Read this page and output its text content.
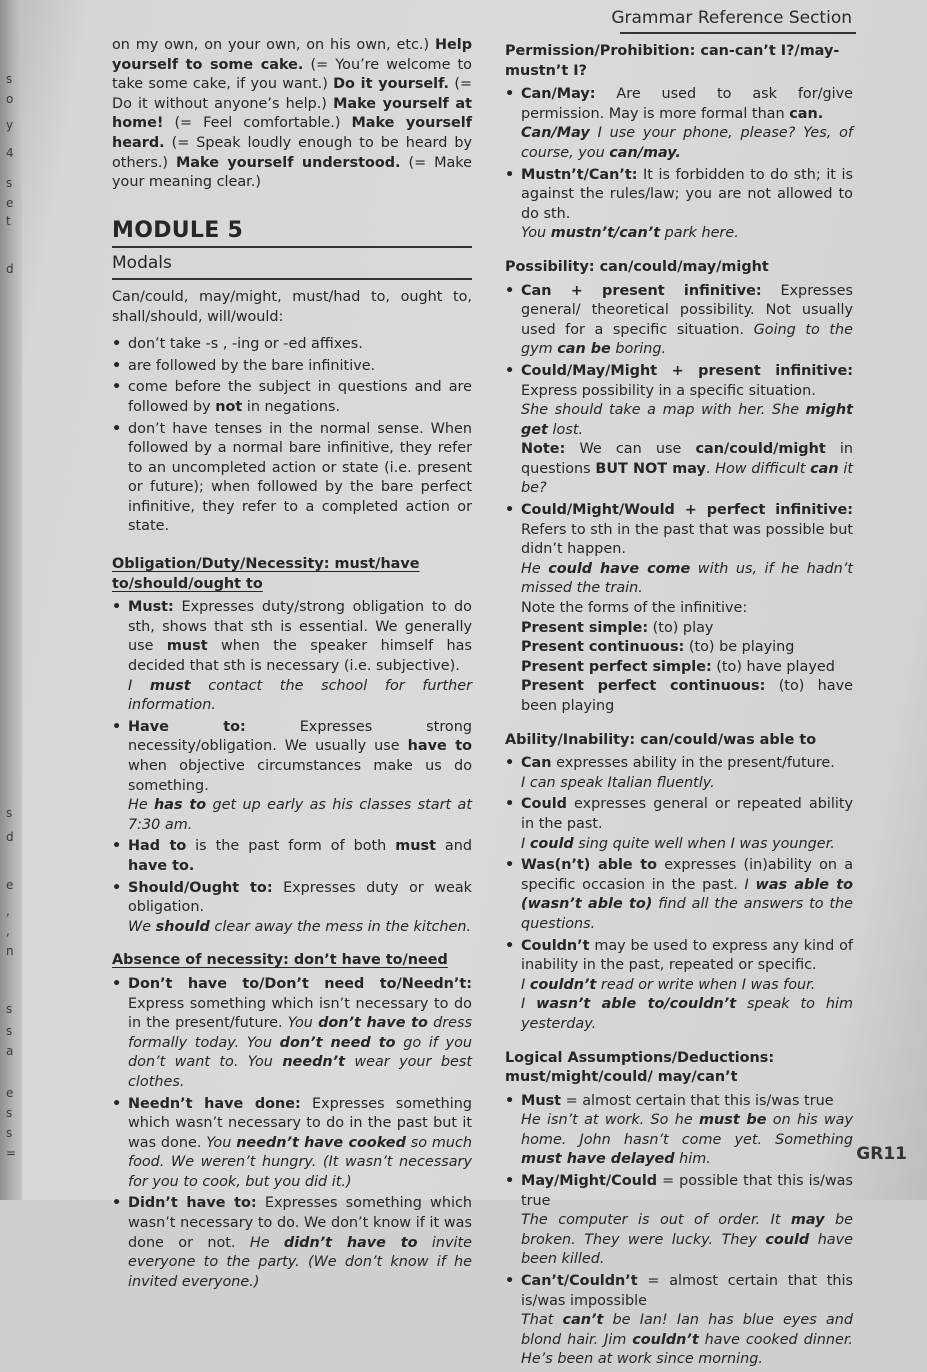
s
o
y
4
s
e
t
d
s
d
e
,
,
n
s
s
a
e
s
s
=
Grammar Reference Section

on my own, on your own, on his own, etc.) Help yourself to some cake. (= You’re welcome to take some cake, if you want.) Do it yourself. (= Do it without anyone’s help.) Make yourself at home! (= Feel comfortable.) Make yourself heard. (= Speak loudly enough to be heard by others.) Make yourself understood. (= Make your meaning clear.)

MODULE 5
Modals

Can/could, may/might, must/had to, ought to, shall/should, will/would:

• don’t take -s , -ing or -ed affixes.
• are followed by the bare infinitive.
• come before the subject in questions and are followed by not in negations.
• don’t have tenses in the normal sense. When followed by a normal bare infinitive, they refer to an uncompleted action or state (i.e. present or future); when followed by the bare perfect infinitive, they refer to a completed action or state.
Obligation/Duty/Necessity: must/have to/should/ought to
• Must: Expresses duty/strong obligation to do sth, shows that sth is essential. We generally use must when the speaker himself has decided that sth is necessary (i.e. subjective).
I must contact the school for further information.
• Have to: Expresses strong necessity/obligation. We usually use have to when objective circumstances make us do something.
He has to get up early as his classes start at 7:30 am.
• Had to is the past form of both must and have to.
• Should/Ought to: Expresses duty or weak obligation.
We should clear away the mess in the kitchen.
Absence of necessity: don’t have to/need
• Don’t have to/Don’t need to/Needn’t: Express something which isn’t necessary to do in the present/future. You don’t have to dress formally today. You don’t need to go if you don’t want to. You needn’t wear your best clothes.
• Needn’t have done: Expresses something which wasn’t necessary to do in the past but it was done. You needn’t have cooked so much food. We weren’t hungry. (It wasn’t necessary for you to cook, but you did it.)
• Didn’t have to: Expresses something which wasn’t necessary to do. We don’t know if it was done or not. He didn’t have to invite everyone to the party. (We don’t know if he invited everyone.)
Permission/Prohibition: can-can’t I?/may-mustn’t I?
• Can/May: Are used to ask for/give permission. May is more formal than can.
Can/May I use your phone, please? Yes, of course, you can/may.
• Mustn’t/Can’t: It is forbidden to do sth; it is against the rules/law; you are not allowed to do sth.
You mustn’t/can’t park here.
Possibility: can/could/may/might
• Can + present infinitive: Expresses general/ theoretical possibility. Not usually used for a specific situation. Going to the gym can be boring.
• Could/May/Might + present infinitive: Express possibility in a specific situation.
She should take a map with her. She might get lost.
Note: We can use can/could/might in questions BUT NOT may. How difficult can it be?
• Could/Might/Would + perfect infinitive: Refers to sth in the past that was possible but didn’t happen.
He could have come with us, if he hadn’t missed the train.
Note the forms of the infinitive:
Present simple: (to) play
Present continuous: (to) be playing
Present perfect simple: (to) have played
Present perfect continuous: (to) have been playing
Ability/Inability: can/could/was able to
• Can expresses ability in the present/future.
I can speak Italian fluently.
• Could expresses general or repeated ability in the past.
I could sing quite well when I was younger.
• Was(n’t) able to expresses (in)ability on a specific occasion in the past. I was able to (wasn’t able to) find all the answers to the questions.
• Couldn’t may be used to express any kind of inability in the past, repeated or specific.
I couldn’t read or write when I was four.
I wasn’t able to/couldn’t speak to him yesterday.
Logical Assumptions/Deductions: must/might/could/ may/can’t
• Must = almost certain that this is/was true
He isn’t at work. So he must be on his way home. John hasn’t come yet. Something must have delayed him.
• May/Might/Could = possible that this is/was true
The computer is out of order. It may be broken. They were lucky. They could have been killed.
• Can’t/Couldn’t = almost certain that this is/was impossible
That can’t be Ian! Ian has blue eyes and blond hair. Jim couldn’t have cooked dinner. He’s been at work since morning.
GR11
